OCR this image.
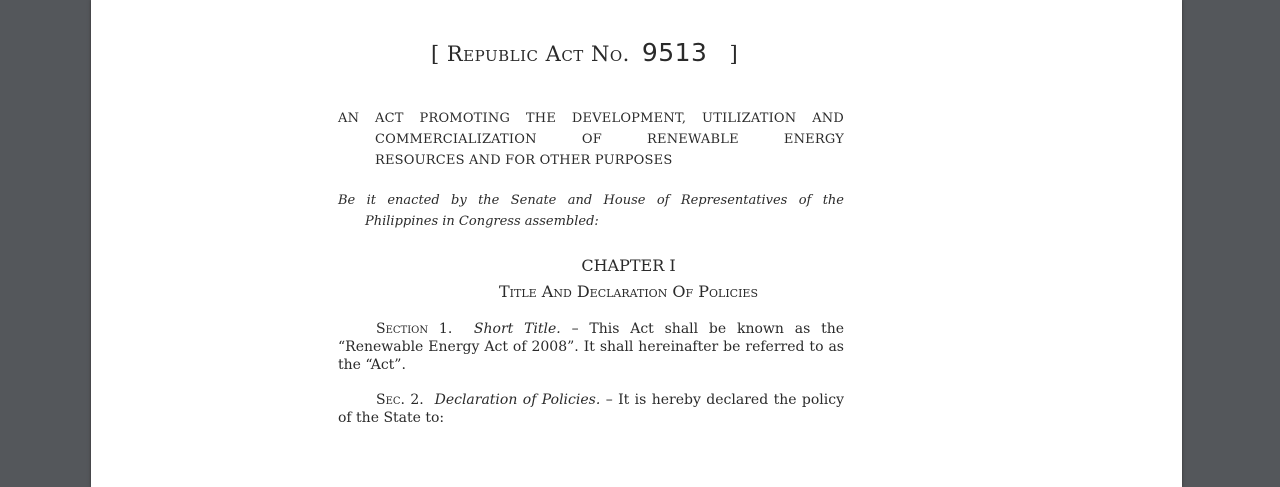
[ Republic Act No. 9513 ]
AN ACT PROMOTING THE DEVELOPMENT, UTILIZATION AND
COMMERCIALIZATION OF RENEWABLE ENERGY
RESOURCES AND FOR OTHER PURPOSES
Be it enacted by the Senate and House of Representatives of the
Philippines in Congress assembled:
CHAPTER I
Title And Declaration Of Policies

Section 1. Short Title. – This Act shall be known as the “Renewable Energy Act of 2008”. It shall hereinafter be referred to as the “Act”.

Sec. 2. Declaration of Policies. – It is hereby declared the policy of the State to:
